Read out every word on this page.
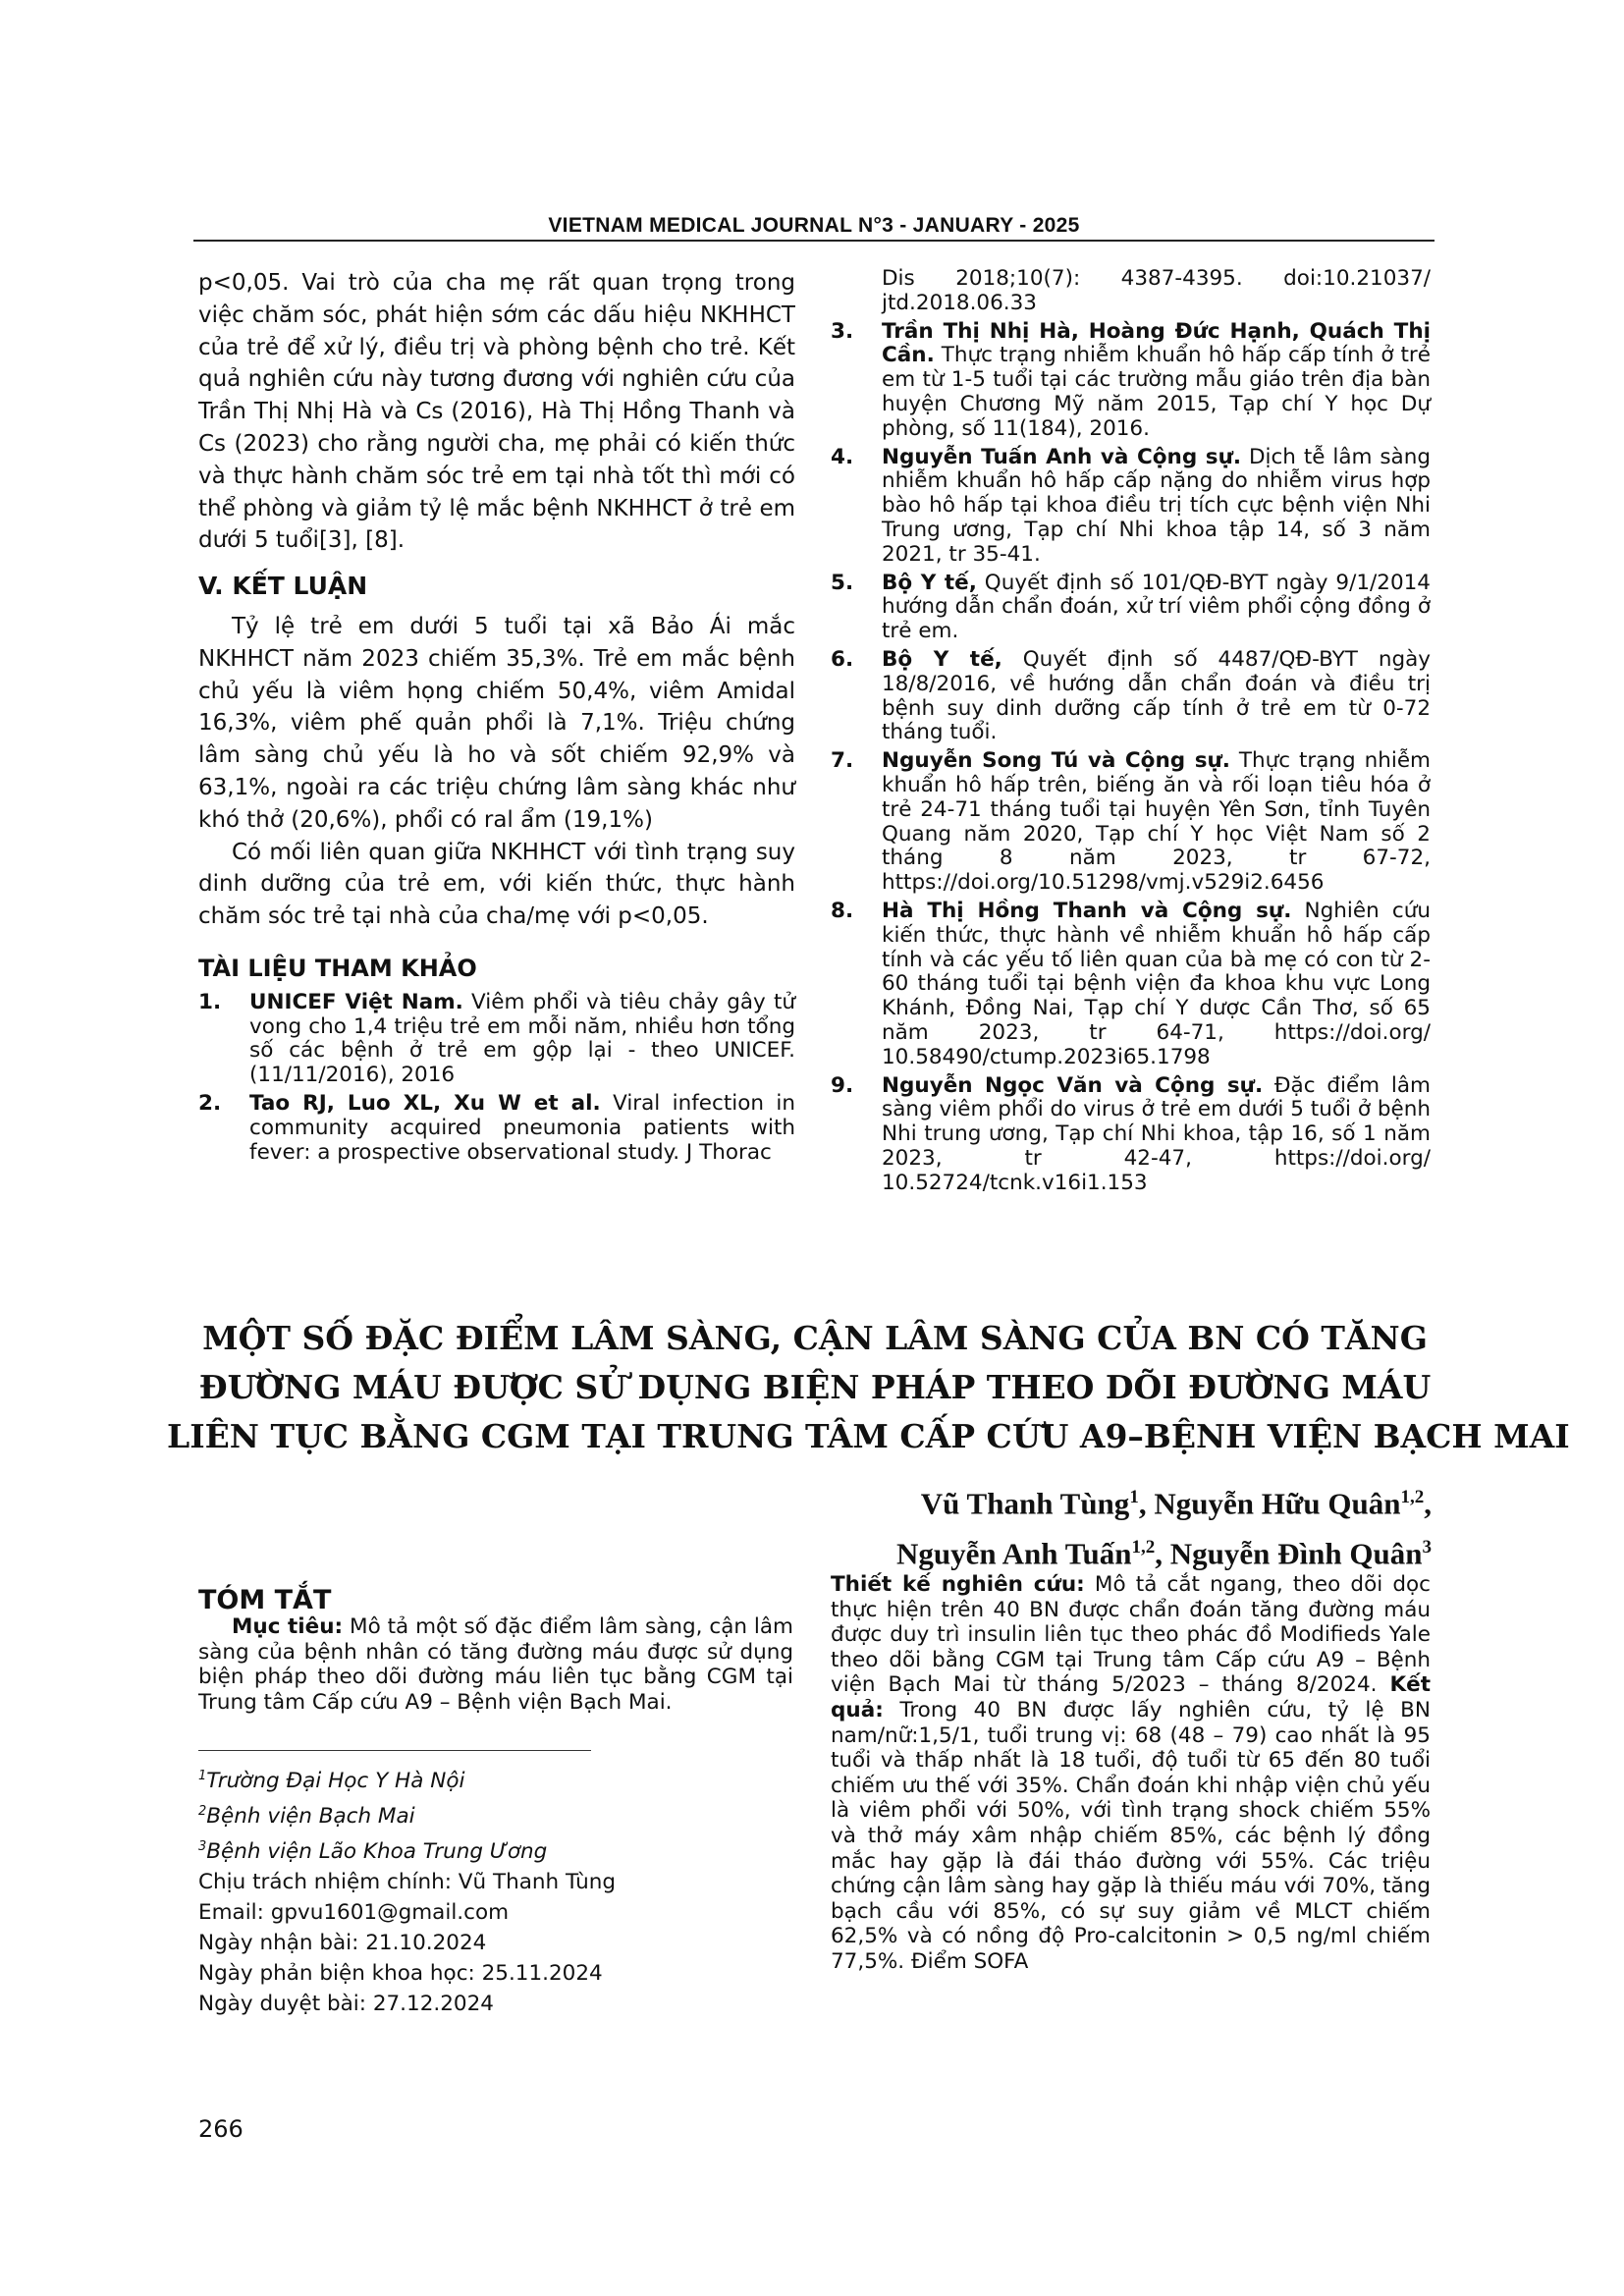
VIETNAM MEDICAL JOURNAL N°3 - JANUARY - 2025

p<0,05. Vai trò của cha mẹ rất quan trọng trong việc chăm sóc, phát hiện sớm các dấu hiệu NKHHCT của trẻ để xử lý, điều trị và phòng bệnh cho trẻ. Kết quả nghiên cứu này tương đương với nghiên cứu của Trần Thị Nhị Hà và Cs (2016), Hà Thị Hồng Thanh và Cs (2023) cho rằng người cha, mẹ phải có kiến thức và thực hành chăm sóc trẻ em tại nhà tốt thì mới có thể phòng và giảm tỷ lệ mắc bệnh NKHHCT ở trẻ em dưới 5 tuổi[3], [8].

V. KẾT LUẬN

Tỷ lệ trẻ em dưới 5 tuổi tại xã Bảo Ái mắc NKHHCT năm 2023 chiếm 35,3%. Trẻ em mắc bệnh chủ yếu là viêm họng chiếm 50,4%, viêm Amidal 16,3%, viêm phế quản phổi là 7,1%. Triệu chứng lâm sàng chủ yếu là ho và sốt chiếm 92,9% và 63,1%, ngoài ra các triệu chứng lâm sàng khác như khó thở (20,6%), phổi có ral ẩm (19,1%)

Có mối liên quan giữa NKHHCT với tình trạng suy dinh dưỡng của trẻ em, với kiến thức, thực hành chăm sóc trẻ tại nhà của cha/mẹ với p<0,05.

TÀI LIỆU THAM KHẢO

1. UNICEF Việt Nam. Viêm phổi và tiêu chảy gây tử vong cho 1,4 triệu trẻ em mỗi năm, nhiều hơn tổng số các bệnh ở trẻ em gộp lại - theo UNICEF. (11/11/2016), 2016

2. Tao RJ, Luo XL, Xu W et al. Viral infection in community acquired pneumonia patients with fever: a prospective observational study. J Thorac

Dis 2018;10(7): 4387-4395. doi:10.21037/ jtd.2018.06.33

3. Trần Thị Nhị Hà, Hoàng Đức Hạnh, Quách Thị Cần. Thực trạng nhiễm khuẩn hô hấp cấp tính ở trẻ em từ 1-5 tuổi tại các trường mẫu giáo trên địa bàn huyện Chương Mỹ năm 2015, Tạp chí Y học Dự phòng, số 11(184), 2016.

4. Nguyễn Tuấn Anh và Cộng sự. Dịch tễ lâm sàng nhiễm khuẩn hô hấp cấp nặng do nhiễm virus hợp bào hô hấp tại khoa điều trị tích cực bệnh viện Nhi Trung ương, Tạp chí Nhi khoa tập 14, số 3 năm 2021, tr 35-41.

5. Bộ Y tế, Quyết định số 101/QĐ-BYT ngày 9/1/2014 hướng dẫn chẩn đoán, xử trí viêm phổi cộng đồng ở trẻ em.

6. Bộ Y tế, Quyết định số 4487/QĐ-BYT ngày 18/8/2016, về hướng dẫn chẩn đoán và điều trị bệnh suy dinh dưỡng cấp tính ở trẻ em từ 0-72 tháng tuổi.

7. Nguyễn Song Tú và Cộng sự. Thực trạng nhiễm khuẩn hô hấp trên, biếng ăn và rối loạn tiêu hóa ở trẻ 24-71 tháng tuổi tại huyện Yên Sơn, tỉnh Tuyên Quang năm 2020, Tạp chí Y học Việt Nam số 2 tháng 8 năm 2023, tr 67-72, https://doi.org/10.51298/vmj.v529i2.6456

8. Hà Thị Hồng Thanh và Cộng sự. Nghiên cứu kiến thức, thực hành về nhiễm khuẩn hô hấp cấp tính và các yếu tố liên quan của bà mẹ có con từ 2-60 tháng tuổi tại bệnh viện đa khoa khu vực Long Khánh, Đồng Nai, Tạp chí Y dược Cần Thơ, số 65 năm 2023, tr 64-71, https://doi.org/ 10.58490/ctump.2023i65.1798

9. Nguyễn Ngọc Văn và Cộng sự. Đặc điểm lâm sàng viêm phổi do virus ở trẻ em dưới 5 tuổi ở bệnh Nhi trung ương, Tạp chí Nhi khoa, tập 16, số 1 năm 2023, tr 42-47, https://doi.org/ 10.52724/tcnk.v16i1.153

MỘT SỐ ĐẶC ĐIỂM LÂM SÀNG, CẬN LÂM SÀNG CỦA BN CÓ TĂNG
ĐƯỜNG MÁU ĐƯỢC SỬ DỤNG BIỆN PHÁP THEO DÕI ĐƯỜNG MÁU
LIÊN TỤC BẰNG CGM TẠI TRUNG TÂM CẤP CỨU A9–BỆNH VIỆN BẠCH MAI
Vũ Thanh Tùng$^1$, Nguyễn Hữu Quân$^{1,2}$,
Nguyễn Anh Tuấn$^{1,2}$, Nguyễn Đình Quân$^3$
TÓM TẮT

Mục tiêu: Mô tả một số đặc điểm lâm sàng, cận lâm sàng của bệnh nhân có tăng đường máu được sử dụng biện pháp theo dõi đường máu liên tục bằng CGM tại Trung tâm Cấp cứu A9 – Bệnh viện Bạch Mai.

Thiết kế nghiên cứu: Mô tả cắt ngang, theo dõi dọc thực hiện trên 40 BN được chẩn đoán tăng đường máu được duy trì insulin liên tục theo phác đồ Modifieds Yale theo dõi bằng CGM tại Trung tâm Cấp cứu A9 – Bệnh viện Bạch Mai từ tháng 5/2023 – tháng 8/2024. Kết quả: Trong 40 BN được lấy nghiên cứu, tỷ lệ BN nam/nữ:1,5/1, tuổi trung vị: 68 (48 – 79) cao nhất là 95 tuổi và thấp nhất là 18 tuổi, độ tuổi từ 65 đến 80 tuổi chiếm ưu thế với 35%. Chẩn đoán khi nhập viện chủ yếu là viêm phổi với 50%, với tình trạng shock chiếm 55% và thở máy xâm nhập chiếm 85%, các bệnh lý đồng mắc hay gặp là đái tháo đường với 55%. Các triệu chứng cận lâm sàng hay gặp là thiếu máu với 70%, tăng bạch cầu với 85%, có sự suy giảm về MLCT chiếm 62,5% và có nồng độ Pro-calcitonin > 0,5 ng/ml chiếm 77,5%. Điểm SOFA

$^1$Trường Đại Học Y Hà Nội

$^2$Bệnh viện Bạch Mai

$^3$Bệnh viện Lão Khoa Trung Ương

Chịu trách nhiệm chính: Vũ Thanh Tùng

Email: gpvu1601@gmail.com

Ngày nhận bài: 21.10.2024

Ngày phản biện khoa học: 25.11.2024

Ngày duyệt bài: 27.12.2024

266
